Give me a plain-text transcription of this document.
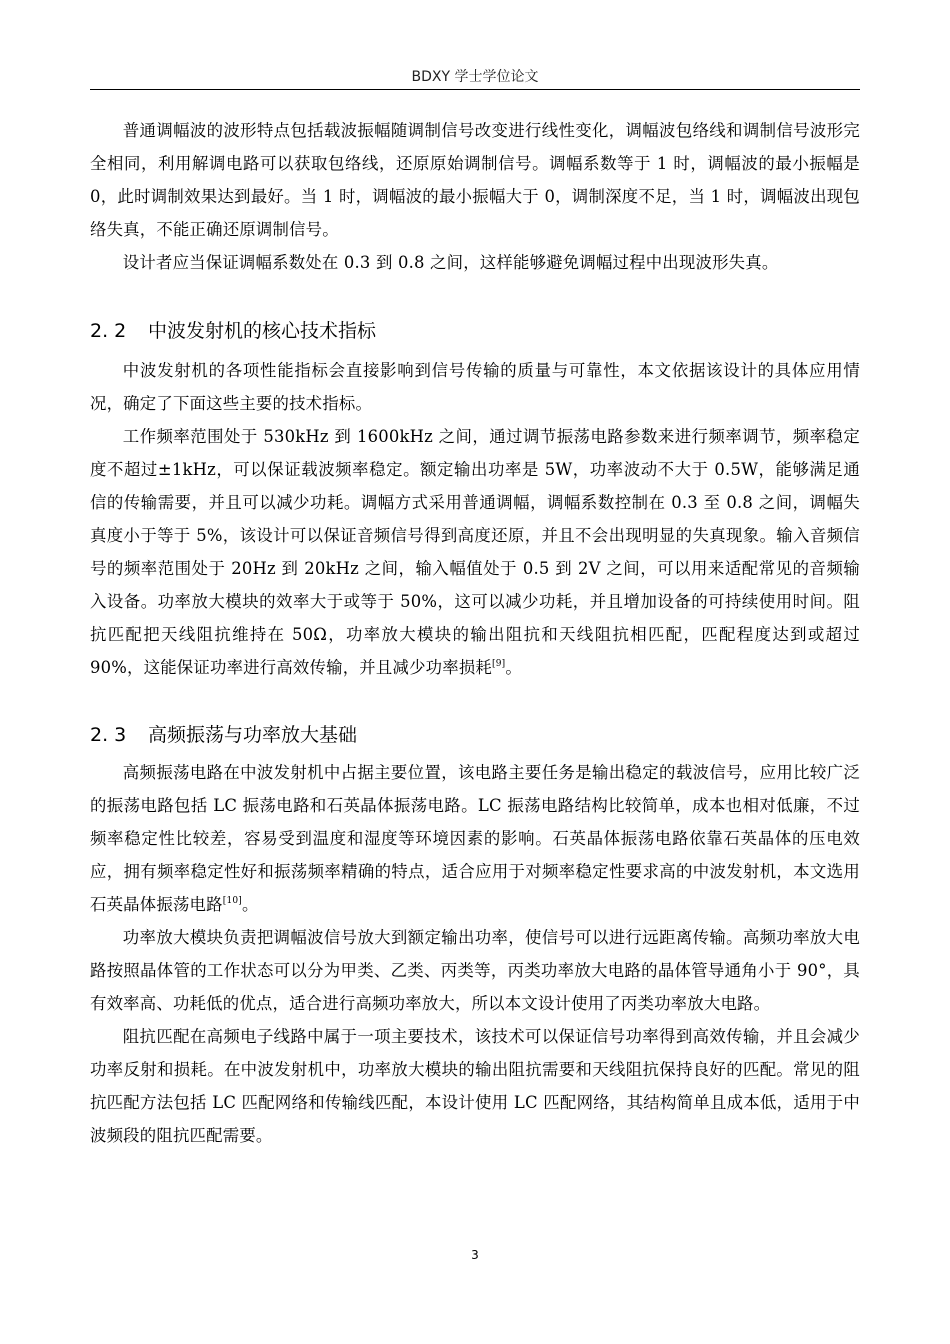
BDXY 学士学位论文

普通调幅波的波形特点包括载波振幅随调制信号改变进行线性变化，调幅波包络线和调制信号波形完全相同，利用解调电路可以获取包络线，还原原始调制信号。调幅系数等于 1 时，调幅波的最小振幅是 0，此时调制效果达到最好。当 1 时，调幅波的最小振幅大于 0，调制深度不足，当 1 时，调幅波出现包络失真，不能正确还原调制信号。

设计者应当保证调幅系数处在 0.3 到 0.8 之间，这样能够避免调幅过程中出现波形失真。

2. 2 中波发射机的核心技术指标

中波发射机的各项性能指标会直接影响到信号传输的质量与可靠性，本文依据该设计的具体应用情况，确定了下面这些主要的技术指标。

工作频率范围处于 530kHz 到 1600kHz 之间，通过调节振荡电路参数来进行频率调节，频率稳定度不超过±1kHz，可以保证载波频率稳定。额定输出功率是 5W，功率波动不大于 0.5W，能够满足通信的传输需要，并且可以减少功耗。调幅方式采用普通调幅，调幅系数控制在 0.3 至 0.8 之间，调幅失真度小于等于 5%，该设计可以保证音频信号得到高度还原，并且不会出现明显的失真现象。输入音频信号的频率范围处于 20Hz 到 20kHz 之间，输入幅值处于 0.5 到 2V 之间，可以用来适配常见的音频输入设备。功率放大模块的效率大于或等于 50%，这可以减少功耗，并且增加设备的可持续使用时间。阻抗匹配把天线阻抗维持在 50Ω，功率放大模块的输出阻抗和天线阻抗相匹配，匹配程度达到或超过 90%，这能保证功率进行高效传输，并且减少功率损耗[9]。

2. 3 高频振荡与功率放大基础

高频振荡电路在中波发射机中占据主要位置，该电路主要任务是输出稳定的载波信号，应用比较广泛的振荡电路包括 LC 振荡电路和石英晶体振荡电路。LC 振荡电路结构比较简单，成本也相对低廉，不过频率稳定性比较差，容易受到温度和湿度等环境因素的影响。石英晶体振荡电路依靠石英晶体的压电效应，拥有频率稳定性好和振荡频率精确的特点，适合应用于对频率稳定性要求高的中波发射机，本文选用石英晶体振荡电路[10]。

功率放大模块负责把调幅波信号放大到额定输出功率，使信号可以进行远距离传输。高频功率放大电路按照晶体管的工作状态可以分为甲类、乙类、丙类等，丙类功率放大电路的晶体管导通角小于 90°，具有效率高、功耗低的优点，适合进行高频功率放大，所以本文设计使用了丙类功率放大电路。

阻抗匹配在高频电子线路中属于一项主要技术，该技术可以保证信号功率得到高效传输，并且会减少功率反射和损耗。在中波发射机中，功率放大模块的输出阻抗需要和天线阻抗保持良好的匹配。常见的阻抗匹配方法包括 LC 匹配网络和传输线匹配，本设计使用 LC 匹配网络，其结构简单且成本低，适用于中波频段的阻抗匹配需要。

3
